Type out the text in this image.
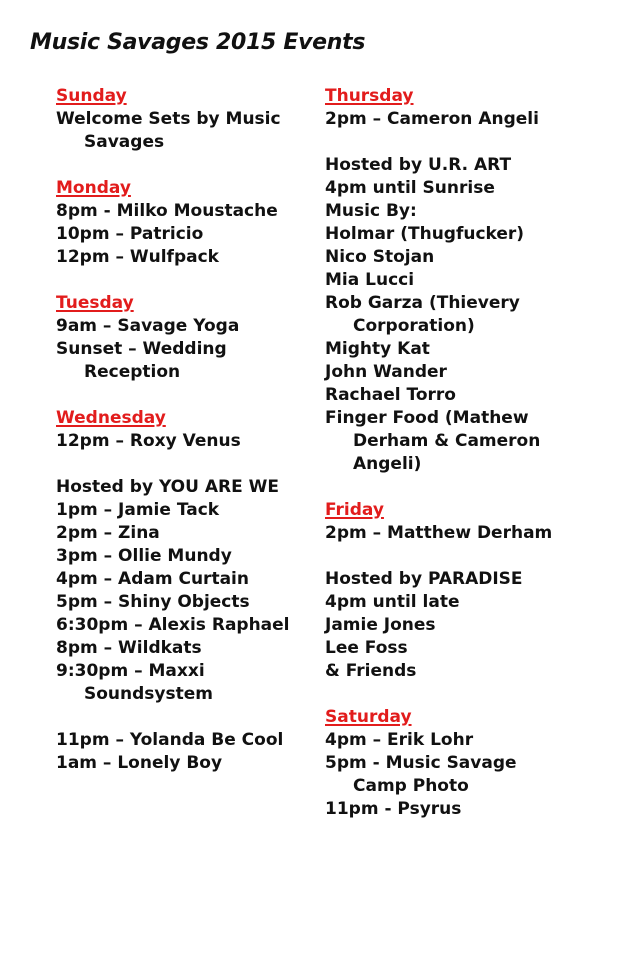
Music Savages 2015 Events
Sunday
Welcome Sets by Music Savages
Monday
8pm - Milko Moustache
10pm – Patricio
12pm – Wulfpack
Tuesday
9am – Savage Yoga
Sunset – Wedding Reception
Wednesday
12pm – Roxy Venus
Hosted by YOU ARE WE
1pm – Jamie Tack
2pm – Zina
3pm – Ollie Mundy
4pm – Adam Curtain
5pm – Shiny Objects
6:30pm – Alexis Raphael
8pm – Wildkats
9:30pm – Maxxi Soundsystem
11pm – Yolanda Be Cool
1am – Lonely Boy
Thursday
2pm – Cameron Angeli
Hosted by U.R. ART
4pm until Sunrise
Music By:
Holmar (Thugfucker)
Nico Stojan
Mia Lucci
Rob Garza (Thievery Corporation)
Mighty Kat
John Wander
Rachael Torro
Finger Food (Mathew Derham & Cameron Angeli)
Friday
2pm – Matthew Derham
Hosted by PARADISE
4pm until late
Jamie Jones
Lee Foss
& Friends
Saturday
4pm – Erik Lohr
5pm - Music Savage Camp Photo
11pm - Psyrus
